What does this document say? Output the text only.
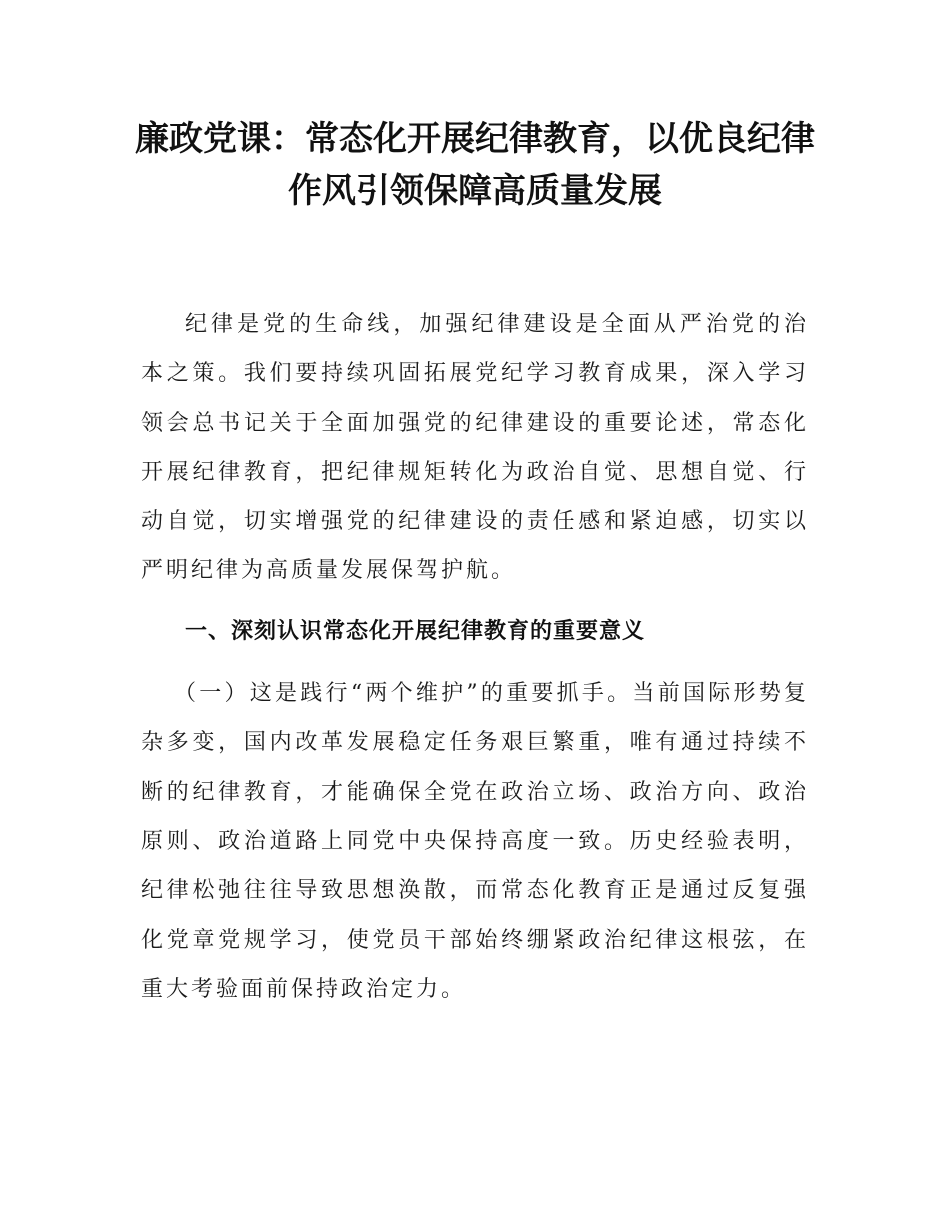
廉政党课：常态化开展纪律教育，以优良纪律作风引领保障高质量发展

纪律是党的生命线，加强纪律建设是全面从严治党的治本之策。我们要持续巩固拓展党纪学习教育成果，深入学习领会总书记关于全面加强党的纪律建设的重要论述，常态化开展纪律教育，把纪律规矩转化为政治自觉、思想自觉、行动自觉，切实增强党的纪律建设的责任感和紧迫感，切实以严明纪律为高质量发展保驾护航。

一、深刻认识常态化开展纪律教育的重要意义

（一）这是践行“两个维护”的重要抓手。当前国际形势复杂多变，国内改革发展稳定任务艰巨繁重，唯有通过持续不断的纪律教育，才能确保全党在政治立场、政治方向、政治原则、政治道路上同党中央保持高度一致。历史经验表明，纪律松弛往往导致思想涣散，而常态化教育正是通过反复强化党章党规学习，使党员干部始终绷紧政治纪律这根弦，在重大考验面前保持政治定力。
